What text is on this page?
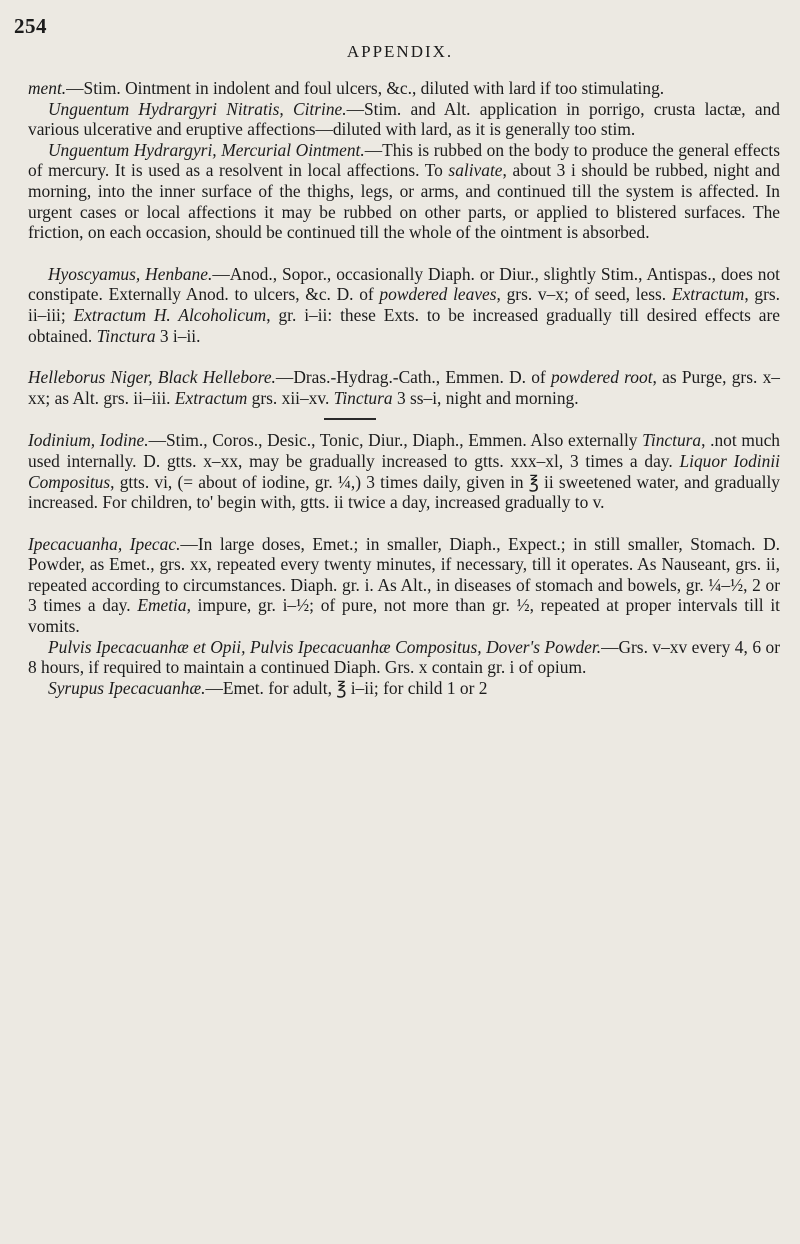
254
APPENDIX.

ment.—Stim. Ointment in indolent and foul ulcers, &c., diluted with lard if too stimulating.

Unguentum Hydrargyri Nitratis, Citrine.—Stim. and Alt. application in porrigo, crusta lactæ, and various ulcerative and eruptive affections—diluted with lard, as it is generally too stim.

Unguentum Hydrargyri, Mercurial Ointment.—This is rubbed on the body to produce the general effects of mercury. It is used as a resolvent in local affections. To salivate, about 3 i should be rubbed, night and morning, into the inner surface of the thighs, legs, or arms, and continued till the system is affected. In urgent cases or local affections it may be rubbed on other parts, or applied to blistered surfaces. The friction, on each occasion, should be continued till the whole of the ointment is absorbed.

Hyoscyamus, Henbane.—Anod., Sopor., occasionally Diaph. or Diur., slightly Stim., Antispas., does not constipate. Externally Anod. to ulcers, &c. D. of powdered leaves, grs. v–x; of seed, less. Extractum, grs. ii–iii; Extractum H. Alcoholicum, gr. i–ii: these Exts. to be increased gradually till desired effects are obtained. Tinctura 3 i–ii.

Helleborus Niger, Black Hellebore.—Dras.-Hydrag.-Cath., Emmen. D. of powdered root, as Purge, grs. x–xx; as Alt. grs. ii–iii. Extractum grs. xii–xv. Tinctura 3 ss–i, night and morning.

Iodinium, Iodine.—Stim., Coros., Desic., Tonic, Diur., Diaph., Emmen. Also externally Tinctura, .not much used internally. D. gtts. x–xx, may be gradually increased to gtts. xxx–xl, 3 times a day. Liquor Iodinii Compositus, gtts. vi, (= about of iodine, gr. ¼,) 3 times daily, given in ℥ ii sweetened water, and gradually increased. For children, to' begin with, gtts. ii twice a day, increased gradually to v.

Ipecacuanha, Ipecac.—In large doses, Emet.; in smaller, Diaph., Expect.; in still smaller, Stomach. D. Powder, as Emet., grs. xx, repeated every twenty minutes, if necessary, till it operates. As Nauseant, grs. ii, repeated according to circumstances. Diaph. gr. i. As Alt., in diseases of stomach and bowels, gr. ¼–½, 2 or 3 times a day. Emetia, impure, gr. i–½; of pure, not more than gr. ½, repeated at proper intervals till it vomits.

Pulvis Ipecacuanhæ et Opii, Pulvis Ipecacuanhæ Compositus, Dover's Powder.—Grs. v–xv every 4, 6 or 8 hours, if required to maintain a continued Diaph. Grs. x contain gr. i of opium.

Syrupus Ipecacuanhæ.—Emet. for adult, ℥ i–ii; for child 1 or 2
